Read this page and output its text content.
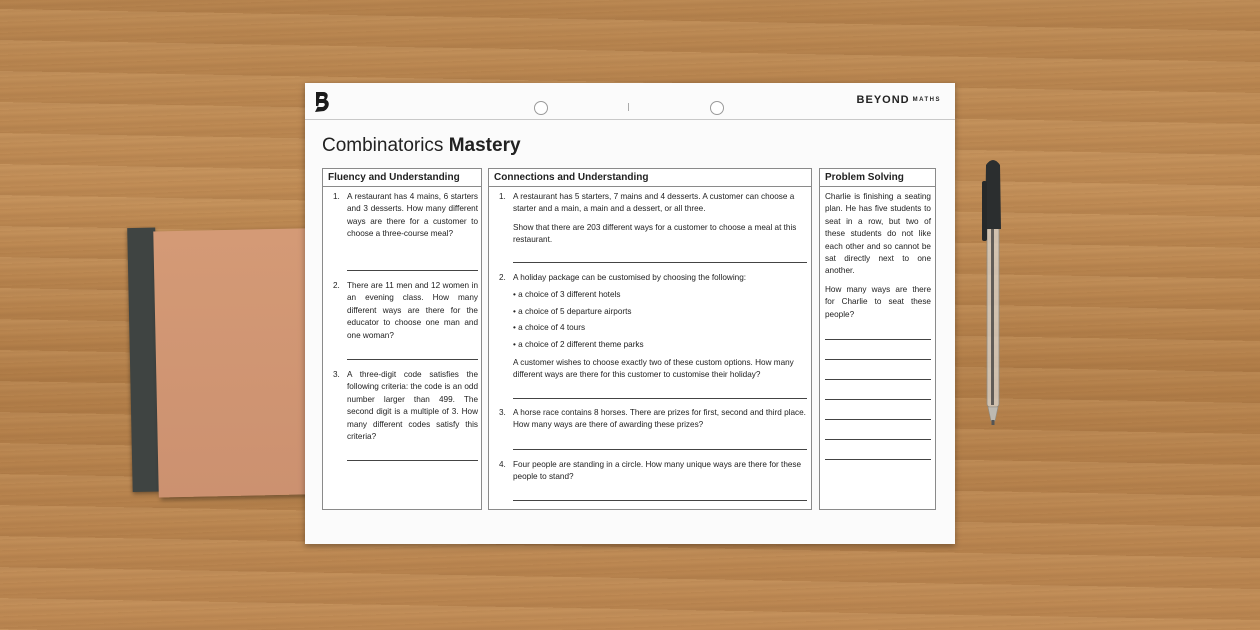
BEYOND MATHS
Combinatorics Mastery
Fluency and Understanding
1. A restaurant has 4 mains, 6 starters and 3 desserts. How many different ways are there for a customer to choose a three-course meal?

2. There are 11 men and 12 women in an evening class. How many different ways are there for the educator to choose one man and one woman?

3. A three-digit code satisfies the following criteria: the code is an odd number larger than 499. The second digit is a multiple of 3. How many different codes satisfy this criteria?

Connections and Understanding
1. A restaurant has 5 starters, 7 mains and 4 desserts. A customer can choose a starter and a main, a main and a dessert, or all three.

Show that there are 203 different ways for a customer to choose a meal at this restaurant.

2. A holiday package can be customised by choosing the following:

• a choice of 3 different hotels

• a choice of 5 departure airports

• a choice of 4 tours

• a choice of 2 different theme parks

A customer wishes to choose exactly two of these custom options. How many different ways are there for this customer to customise their holiday?

3. A horse race contains 8 horses. There are prizes for first, second and third place. How many ways are there of awarding these prizes?

4. Four people are standing in a circle. How many unique ways are there for these people to stand?

Problem Solving

Charlie is finishing a seating plan. He has five students to seat in a row, but two of these students do not like each other and so cannot be sat directly next to one another.

How many ways are there for Charlie to seat these people?
